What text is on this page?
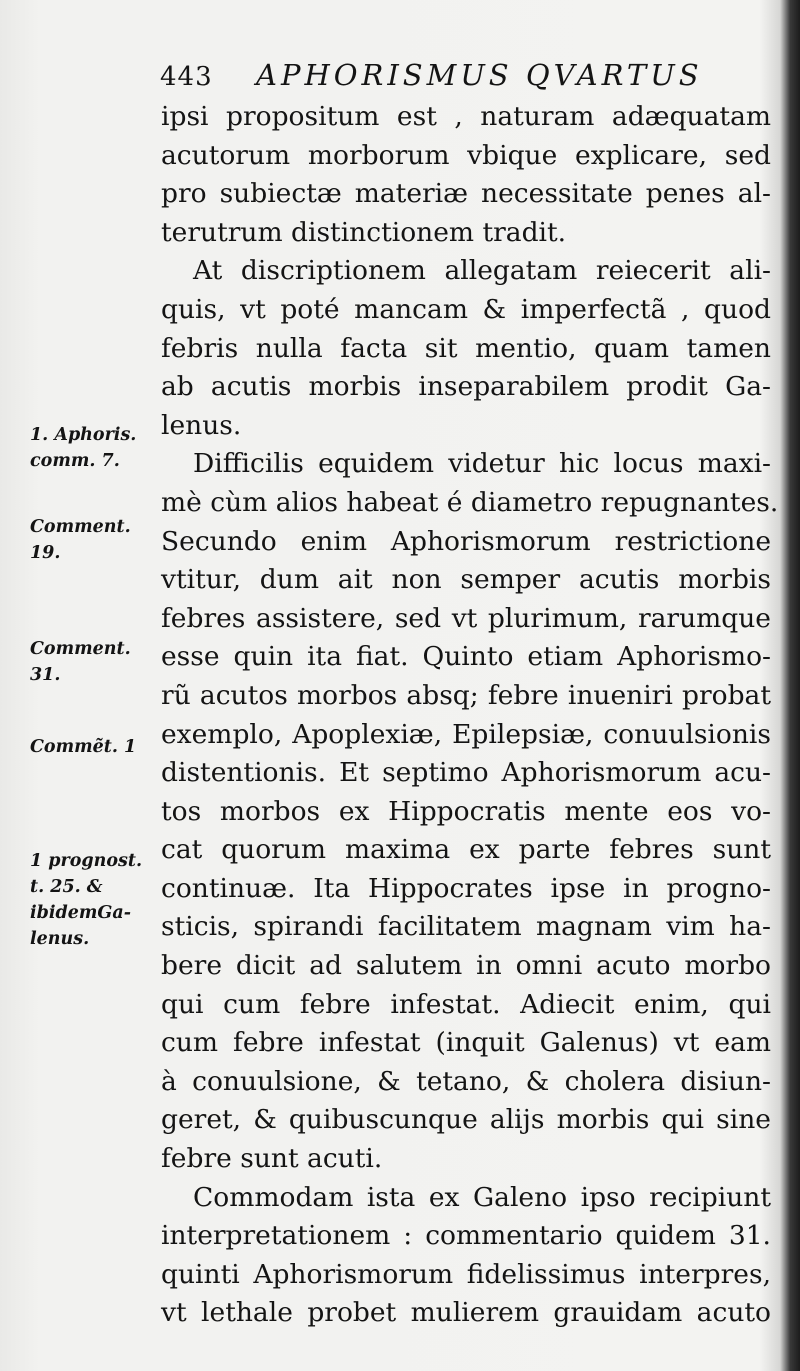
443 APHORISMUS QVARTUS
ipsi propositum est , naturam adæquatam
acutorum morborum vbique explicare, sed
pro subiectæ materiæ necessitate penes al-
terutrum distinctionem tradit.
At discriptionem allegatam reiecerit ali-
quis, vt poté mancam & imperfectã , quod
febris nulla facta sit mentio, quam tamen
ab acutis morbis inseparabilem prodit Ga-
lenus.
Difficilis equidem videtur hic locus maxi-
mè cùm alios habeat é diametro repugnantes.
Secundo enim Aphorismorum restrictione
vtitur, dum ait non semper acutis morbis
febres assistere, sed vt plurimum, rarumque
esse quin ita fiat. Quinto etiam Aphorismo-
rũ acutos morbos absq; febre inueniri probat
exemplo, Apoplexiæ, Epilepsiæ, conuulsionis
distentionis. Et septimo Aphorismorum acu-
tos morbos ex Hippocratis mente eos vo-
cat quorum maxima ex parte febres sunt
continuæ. Ita Hippocrates ipse in progno-
sticis, spirandi facilitatem magnam vim ha-
bere dicit ad salutem in omni acuto morbo
qui cum febre infestat. Adiecit enim, qui
cum febre infestat (inquit Galenus) vt eam
à conuulsione, & tetano, & cholera disiun-
geret, & quibuscunque alijs morbis qui sine
febre sunt acuti.
Commodam ista ex Galeno ipso recipiunt
interpretationem : commentario quidem 31.
quinti Aphorismorum fidelissimus interpres,
vt lethale probet mulierem grauidam acuto
1. Aphoris.
comm. 7.
Comment.
19.
Comment.
31.
Commẽt. 1
1 prognost.
t. 25. &
ibidemGa-
lenus.
